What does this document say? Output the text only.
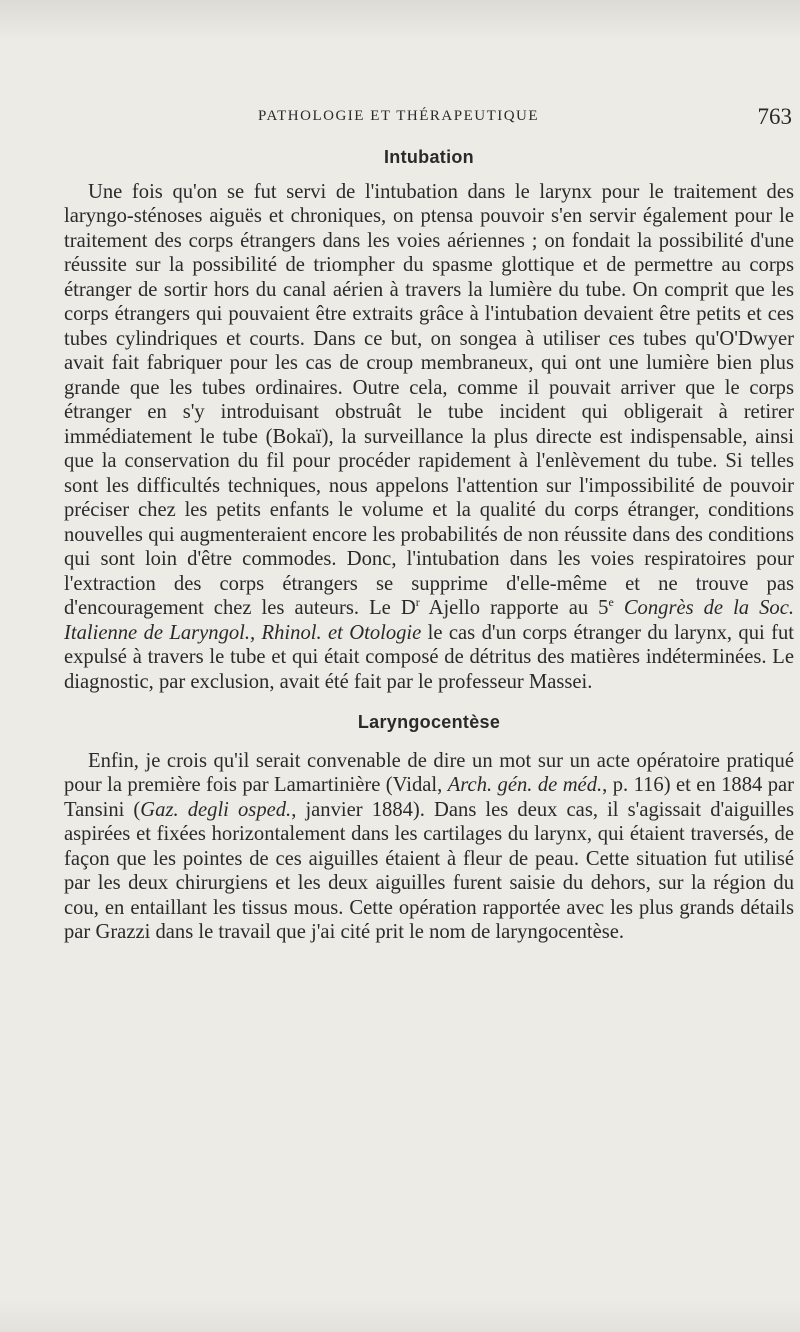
PATHOLOGIE ET THÉRAPEUTIQUE	763
Intubation

Une fois qu'on se fut servi de l'intubation dans le larynx pour le traitement des laryngo-sténoses aiguës et chroniques, on ptensa pouvoir s'en servir également pour le traitement des corps étrangers dans les voies aériennes ; on fondait la possibilité d'une réussite sur la possibilité de triompher du spasme glottique et de permettre au corps étranger de sortir hors du canal aérien à travers la lumière du tube. On comprit que les corps étrangers qui pouvaient être extraits grâce à l'intubation devaient être petits et ces tubes cylindriques et courts. Dans ce but, on songea à utiliser ces tubes qu'O'Dwyer avait fait fabriquer pour les cas de croup membraneux, qui ont une lumière bien plus grande que les tubes ordinaires. Outre cela, comme il pouvait arriver que le corps étranger en s'y introduisant obstruât le tube incident qui obligerait à retirer immédiatement le tube (Bokaï), la surveillance la plus directe est indispensable, ainsi que la conservation du fil pour procéder rapidement à l'enlèvement du tube. Si telles sont les difficultés techniques, nous appelons l'attention sur l'impossibilité de pouvoir préciser chez les petits enfants le volume et la qualité du corps étranger, conditions nouvelles qui augmenteraient encore les probabilités de non réussite dans des conditions qui sont loin d'être commodes. Donc, l'intubation dans les voies respiratoires pour l'extraction des corps étrangers se supprime d'elle-même et ne trouve pas d'encouragement chez les auteurs. Le $D^r$ Ajello rapporte au 5e Congrès de la Soc. Italienne de Laryngol., Rhinol. et Otologie le cas d'un corps étranger du larynx, qui fut expulsé à travers le tube et qui était composé de détritus des matières indéterminées. Le diagnostic, par exclusion, avait été fait par le professeur Massei.

Laryngocentèse

Enfin, je crois qu'il serait convenable de dire un mot sur un acte opératoire pratiqué pour la première fois par Lamartinière (Vidal, Arch. gén. de méd., p. 116) et en 1884 par Tansini (Gaz. degli osped., janvier 1884). Dans les deux cas, il s'agissait d'aiguilles aspirées et fixées horizontalement dans les cartilages du larynx, qui étaient traversés, de façon que les pointes de ces aiguilles étaient à fleur de peau. Cette situation fut utilisé par les deux chirurgiens et les deux aiguilles furent saisie du dehors, sur la région du cou, en entaillant les tissus mous. Cette opération rapportée avec les plus grands détails par Grazzi dans le travail que j'ai cité prit le nom de laryngocentèse.
